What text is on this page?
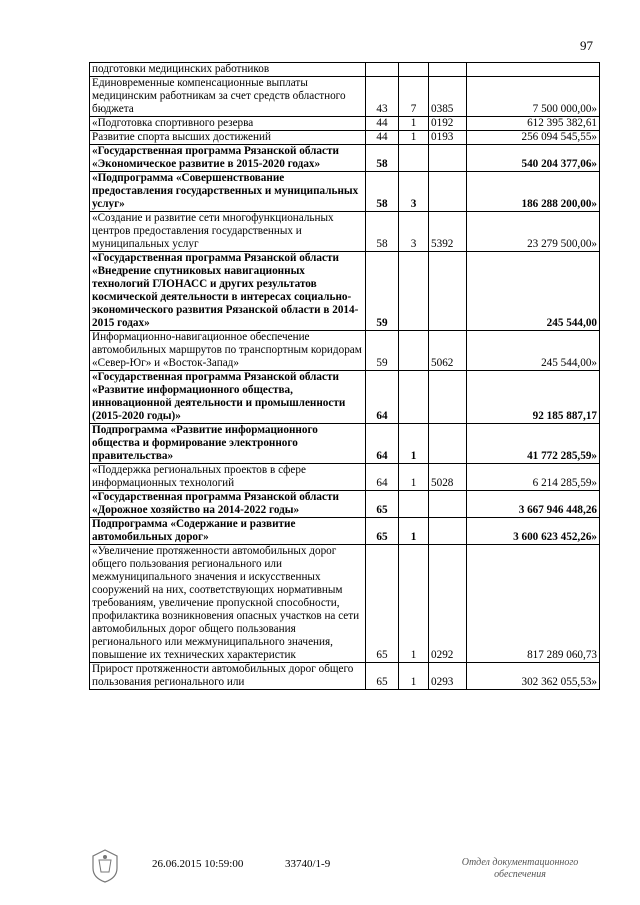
97
подготовки медицинских работников				
Единовременные компенсационные выплаты медицинским работникам за счет средств областного бюджета	43	7	0385	7 500 000,00»
«Подготовка спортивного резерва	44	1	0192	612 395 382,61
Развитие спорта высших достижений	44	1	0193	256 094 545,55»
«Государственная программа Рязанской области «Экономическое развитие в 2015-2020 годах»	58			540 204 377,06»
«Подпрограмма «Совершенствование предоставления государственных и муниципальных услуг»	58	3		186 288 200,00»
«Создание и развитие сети многофункциональных центров предоставления государственных и муниципальных услуг	58	3	5392	23 279 500,00»
«Государственная программа Рязанской области «Внедрение спутниковых навигационных технологий ГЛОНАСС и других результатов космической деятельности в интересах социально-экономического развития Рязанской области в 2014-2015 годах»	59			245 544,00
Информационно-навигационное обеспечение автомобильных маршрутов по транспортным коридорам «Север-Юг» и «Восток-Запад»	59		5062	245 544,00»
«Государственная программа Рязанской области «Развитие информационного общества, инновационной деятельности и промышленности (2015-2020 годы)»	64			92 185 887,17
Подпрограмма «Развитие информационного общества и формирование электронного правительства»	64	1		41 772 285,59»
«Поддержка региональных проектов в сфере информационных технологий	64	1	5028	6 214 285,59»
«Государственная программа Рязанской области «Дорожное хозяйство на 2014-2022 годы»	65			3 667 946 448,26
Подпрограмма «Содержание и развитие автомобильных дорог»	65	1		3 600 623 452,26»
«Увеличение протяженности автомобильных дорог общего пользования регионального или межмуниципального значения и искусственных сооружений на них, соответствующих нормативным требованиям, увеличение пропускной способности, профилактика возникновения опасных участков на сети автомобильных дорог общего пользования регионального или межмуниципального значения, повышение их технических характеристик	65	1	0292	817 289 060,73
Прирост протяженности автомобильных дорог общего пользования регионального или	65	1	0293	302 362 055,53»
26.06.2015 10:59:00	33740/1-9	Отдел документационного обеспечения
